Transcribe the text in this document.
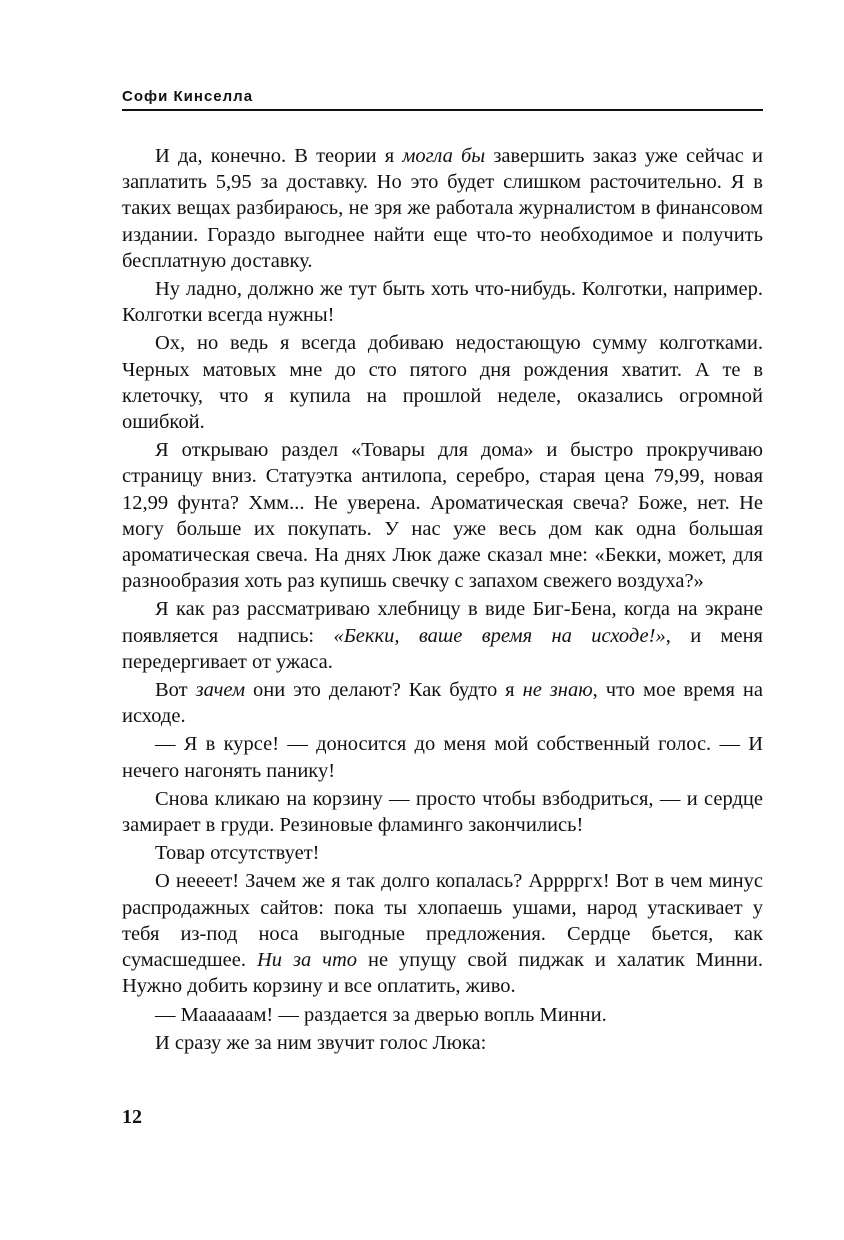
Софи Кинселла

И да, конечно. В теории я могла бы завершить заказ уже сейчас и заплатить 5,95 за доставку. Но это будет слишком расточительно. Я в таких вещах разбираюсь, не зря же работала журналистом в финансовом издании. Гораздо выгоднее найти еще что-то необходимое и получить бесплатную доставку.

Ну ладно, должно же тут быть хоть что-нибудь. Колготки, например. Колготки всегда нужны!

Ох, но ведь я всегда добиваю недостающую сумму колготками. Черных матовых мне до сто пятого дня рождения хватит. А те в клеточку, что я купила на прошлой неделе, оказались огромной ошибкой.

Я открываю раздел «Товары для дома» и быстро прокручиваю страницу вниз. Статуэтка антилопа, серебро, старая цена 79,99, новая 12,99 фунта? Хмм... Не уверена. Ароматическая свеча? Боже, нет. Не могу больше их покупать. У нас уже весь дом как одна большая ароматическая свеча. На днях Люк даже сказал мне: «Бекки, может, для разнообразия хоть раз купишь свечку с запахом свежего воздуха?»

Я как раз рассматриваю хлебницу в виде Биг-Бена, когда на экране появляется надпись: «Бекки, ваше время на исходе!», и меня передергивает от ужаса.

Вот зачем они это делают? Как будто я не знаю, что мое время на исходе.

— Я в курсе! — доносится до меня мой собственный голос. — И нечего нагонять панику!

Снова кликаю на корзину — просто чтобы взбодриться, — и сердце замирает в груди. Резиновые фламинго закончились!

Товар отсутствует!

О нееeет! Зачем же я так долго копалась? Арррргх! Вот в чем минус распродажных сайтов: пока ты хлопаешь ушами, народ утаскивает у тебя из-под носа выгодные предложения. Сердце бьется, как сумасшедшее. Ни за что не упущу свой пиджак и халатик Минни. Нужно добить корзину и все оплатить, живо.

— Маааааам! — раздается за дверью вопль Минни.

И сразу же за ним звучит голос Люка:

12
